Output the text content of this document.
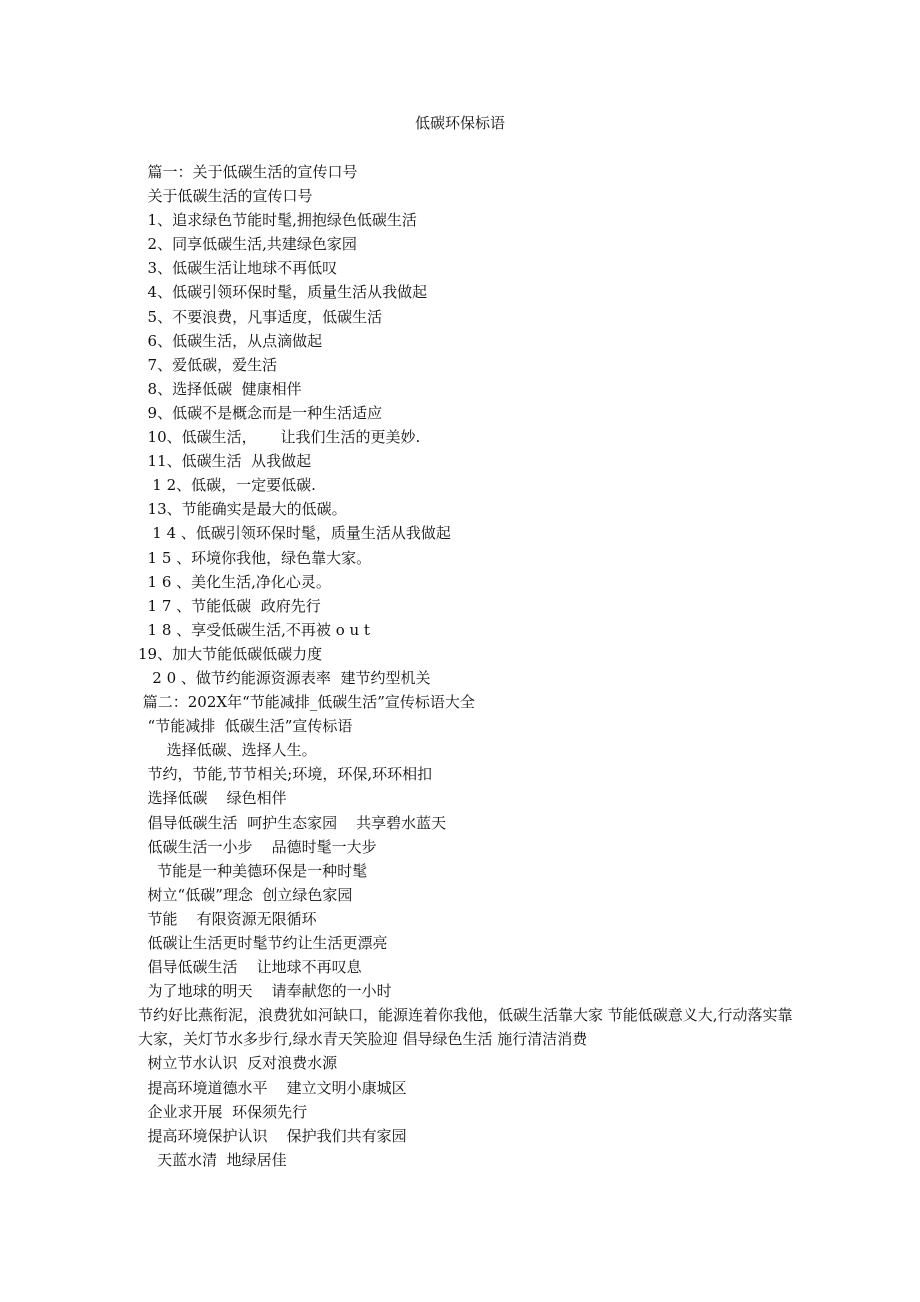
低碳环保标语
篇一：关于低碳生活的宣传口号
关于低碳生活的宣传口号
1、追求绿色节能时髦,拥抱绿色低碳生活
2、同享低碳生活,共建绿色家园
3、低碳生活让地球不再低叹
4、低碳引领环保时髦，质量生活从我做起
5、不要浪费，凡事适度，低碳生活
6、低碳生活，从点滴做起
7、爱低碳，爱生活
8、选择低碳  健康相伴
9、低碳不是概念而是一种生活适应
10、低碳生活，     让我们生活的更美妙.
11、低碳生活  从我做起
1 2、低碳，一定要低碳.
13、节能确实是最大的低碳。
1 4 、低碳引领环保时髦，质量生活从我做起
1 5 、环境你我他，绿色靠大家。
1 6 、美化生活,净化心灵。
1 7 、节能低碳  政府先行
1 8 、享受低碳生活,不再被 o u t
19、加大节能低碳低碳力度
2 0 、做节约能源资源表率  建节约型机关
篇二：202X年“节能减排_低碳生活”宣传标语大全
“节能减排  低碳生活”宣传标语
选择低碳、选择人生。
节约，节能,节节相关;环境，环保,环环相扣
选择低碳    绿色相伴
倡导低碳生活  呵护生态家园    共享碧水蓝天
低碳生活一小步    品德时髦一大步
节能是一种美德环保是一种时髦
树立“低碳”理念  创立绿色家园
节能    有限资源无限循环
低碳让生活更时髦节约让生活更漂亮
倡导低碳生活    让地球不再叹息
为了地球的明天    请奉献您的一小时
节约好比燕衔泥，浪费犹如河缺口，能源连着你我他，低碳生活靠大家 节能低碳意义大,行动落实靠大家，关灯节水多步行,绿水青天笑脸迎 倡导绿色生活 施行清洁消费
树立节水认识  反对浪费水源
提高环境道德水平    建立文明小康城区
企业求开展  环保须先行
提高环境保护认识    保护我们共有家园
天蓝水清  地绿居佳
